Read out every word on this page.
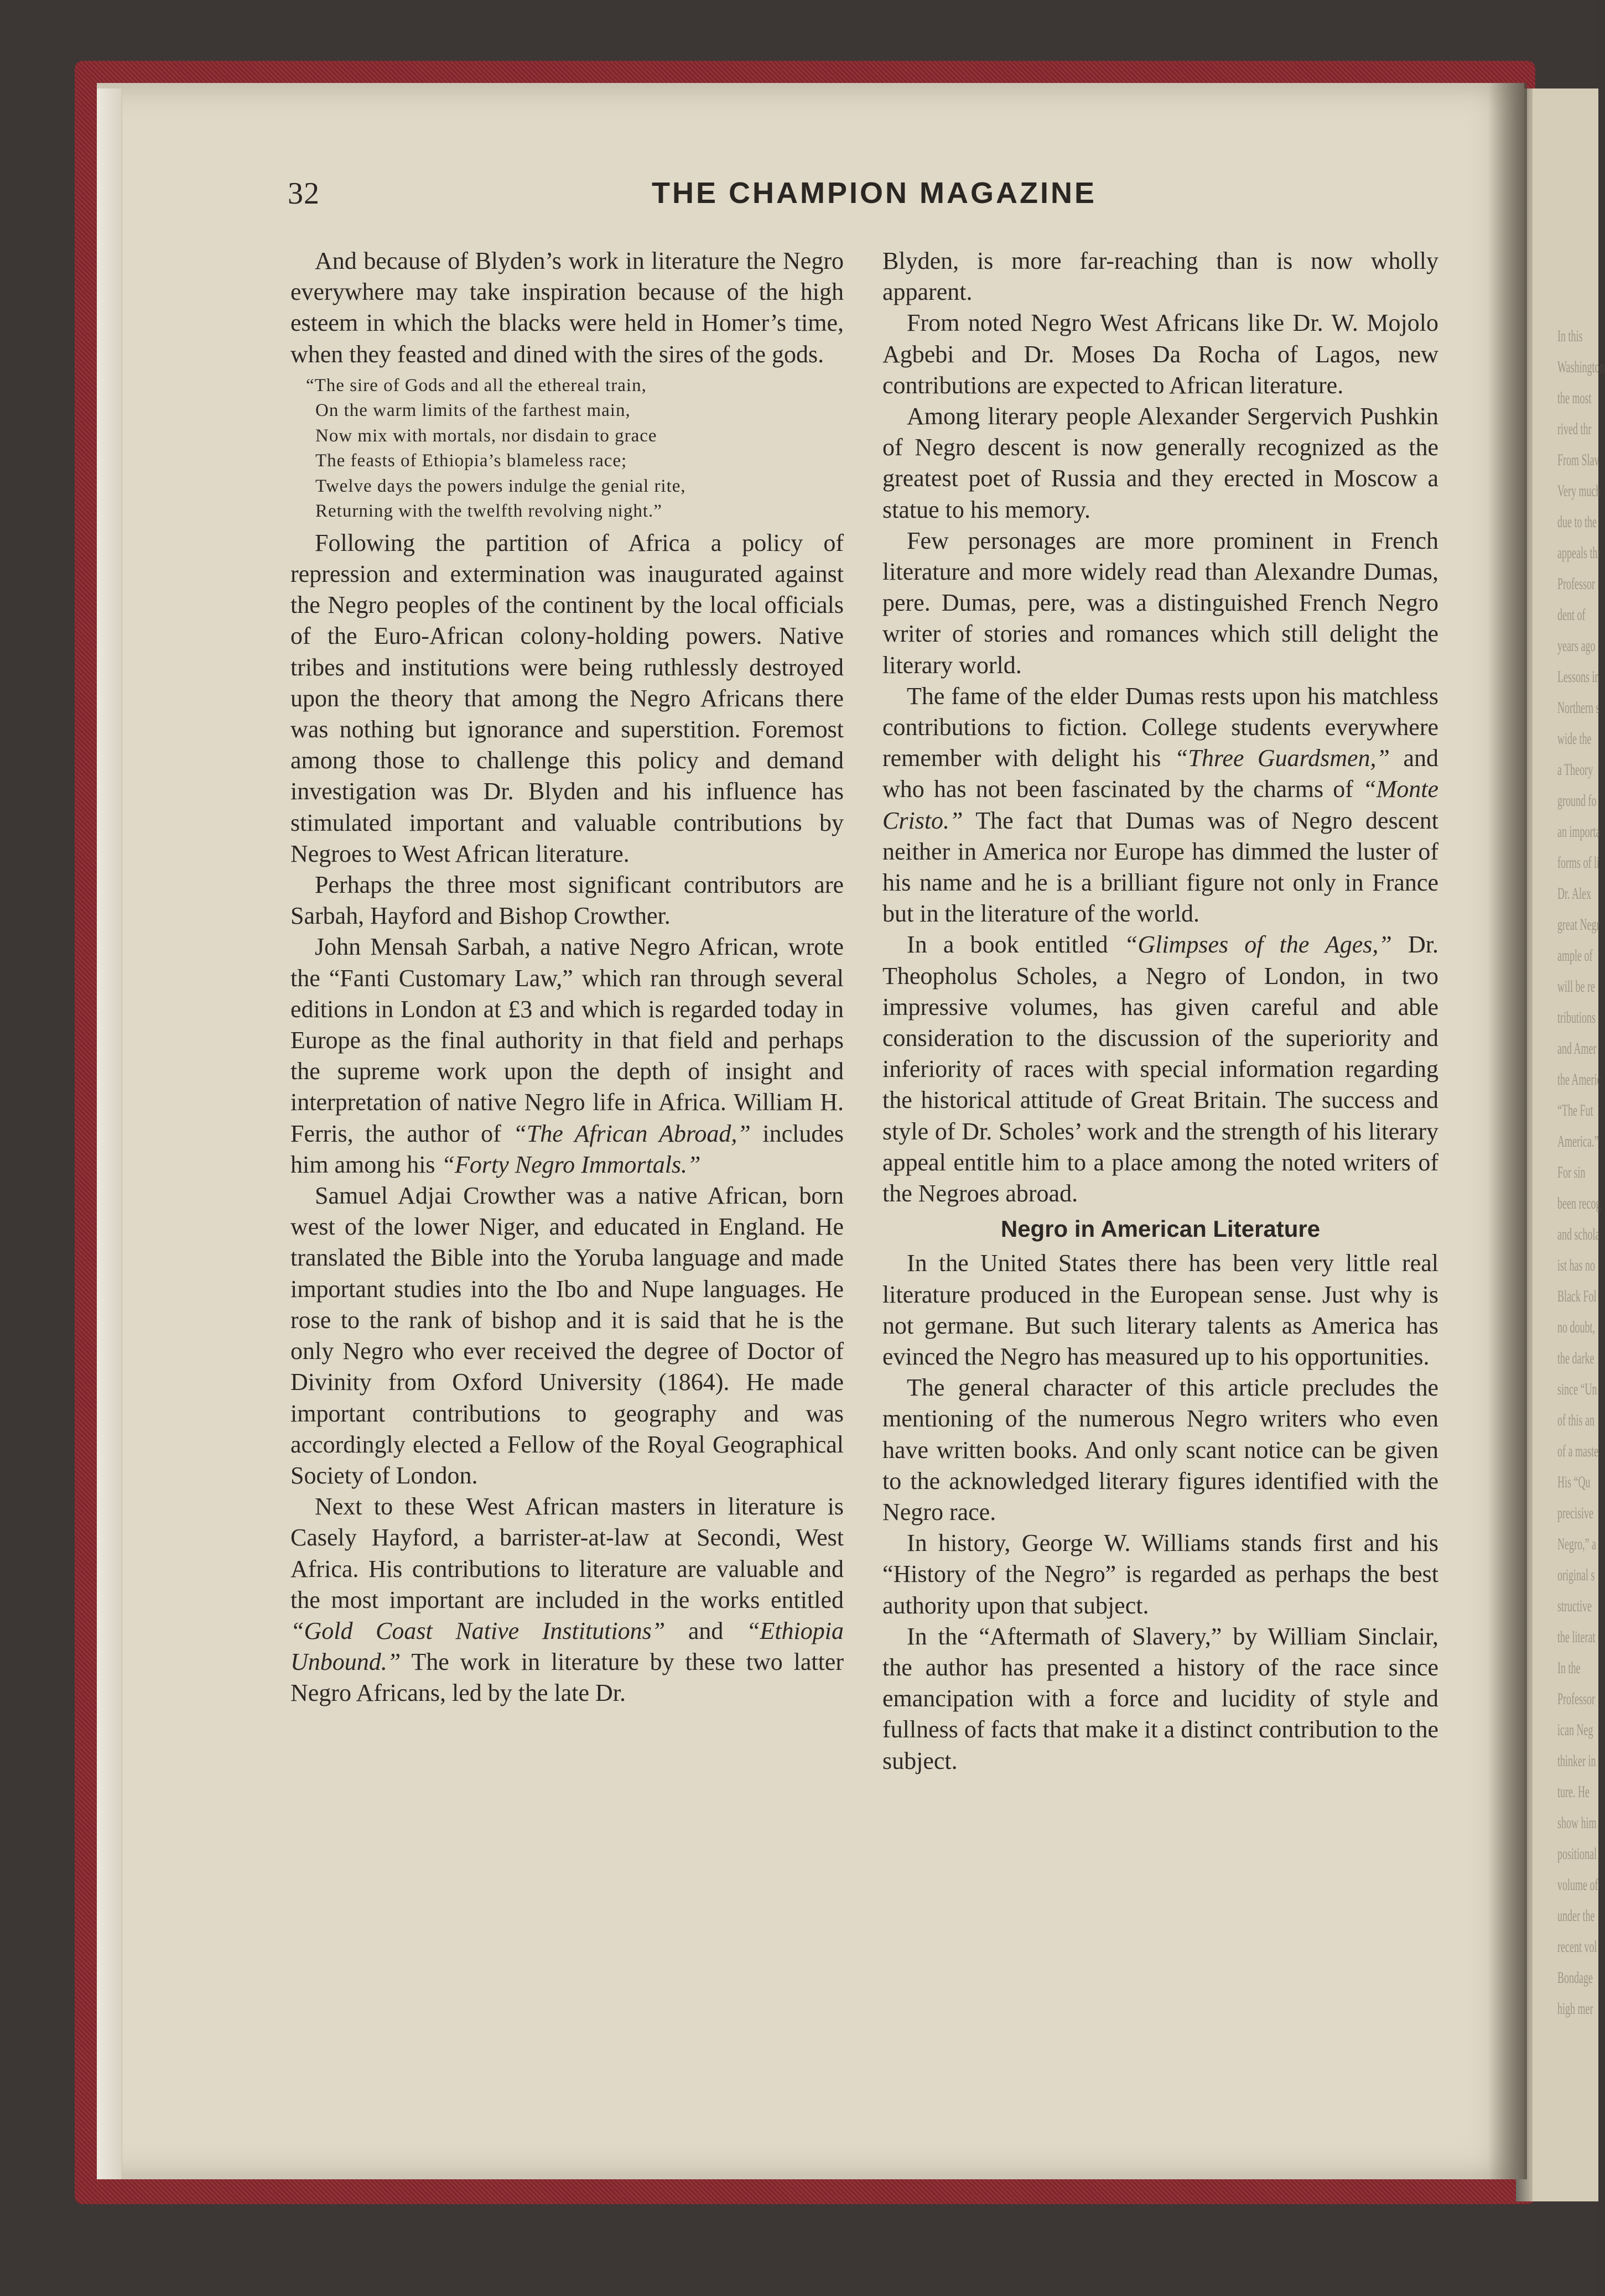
In this
Washington
the most
rived thr
From Slav
Very much
due to the
appeals thr
Professor
dent of
years ago
Lessons in
Northern s
wide the
a Theory
ground fo
an importa
forms of li
Dr. Alex
great Negr
ample of
will be re
tributions
and Amer
the Americ
“The Fut
America.”
For sin
been recog
and schola
ist has no
Black Fol
no doubt,
the darke
since “Un
of this an
of a maste
His “Qu
precisive
Negro,” a
original s
structive
the literat
In the
Professor
ican Neg
thinker in
ture. He
show him
positional
volume of
under the
recent vol
Bondage
high mer
32	THE CHAMPION MAGAZINE

And because of Blyden’s work in literature the Negro everywhere may take inspiration because of the high esteem in which the blacks were held in Homer’s time, when they feasted and dined with the sires of the gods.

“The sire of Gods and all the ethereal train,
On the warm limits of the farthest main,
Now mix with mortals, nor disdain to grace
The feasts of Ethiopia’s blameless race;
Twelve days the powers indulge the genial rite,
Returning with the twelfth revolving night.”

Following the partition of Africa a policy of repression and extermination was inaugurated against the Negro peoples of the continent by the local officials of the Euro-African colony-holding powers. Native tribes and institutions were being ruthlessly destroyed upon the theory that among the Negro Africans there was nothing but ignorance and superstition. Foremost among those to challenge this policy and demand investigation was Dr. Blyden and his influence has stimulated important and valuable contributions by Negroes to West African literature.

Perhaps the three most significant contributors are Sarbah, Hayford and Bishop Crowther.

John Mensah Sarbah, a native Negro African, wrote the “Fanti Customary Law,” which ran through several editions in London at £3 and which is regarded today in Europe as the final authority in that field and perhaps the supreme work upon the depth of insight and interpretation of native Negro life in Africa. William H. Ferris, the author of “The African Abroad,” includes him among his “Forty Negro Immortals.”

Samuel Adjai Crowther was a native African, born west of the lower Niger, and educated in England. He translated the Bible into the Yoruba language and made important studies into the Ibo and Nupe languages. He rose to the rank of bishop and it is said that he is the only Negro who ever received the degree of Doctor of Divinity from Oxford University (1864). He made important contributions to geography and was accordingly elected a Fellow of the Royal Geographical Society of London.

Next to these West African masters in literature is Casely Hayford, a barrister-at-law at Secondi, West Africa. His contributions to literature are valuable and the most important are included in the works entitled “Gold Coast Native Institutions” and “Ethiopia Unbound.” The work in literature by these two latter Negro Africans, led by the late Dr.

Blyden, is more far-reaching than is now wholly apparent.

From noted Negro West Africans like Dr. W. Mojolo Agbebi and Dr. Moses Da Rocha of Lagos, new contributions are expected to African literature.

Among literary people Alexander Sergervich Pushkin of Negro descent is now generally recognized as the greatest poet of Russia and they erected in Moscow a statue to his memory.

Few personages are more prominent in French literature and more widely read than Alexandre Dumas, pere. Dumas, pere, was a distinguished French Negro writer of stories and romances which still delight the literary world.

The fame of the elder Dumas rests upon his matchless contributions to fiction. College students everywhere remember with delight his “Three Guardsmen,” and who has not been fascinated by the charms of “Monte Cristo.” The fact that Dumas was of Negro descent neither in America nor Europe has dimmed the luster of his name and he is a brilliant figure not only in France but in the literature of the world.

In a book entitled “Glimpses of the Ages,” Dr. Theopholus Scholes, a Negro of London, in two impressive volumes, has given careful and able consideration to the discussion of the superiority and inferiority of races with special information regarding the historical attitude of Great Britain. The success and style of Dr. Scholes’ work and the strength of his literary appeal entitle him to a place among the noted writers of the Negroes abroad.

Negro in American Literature

In the United States there has been very little real literature produced in the European sense. Just why is not germane. But such literary talents as America has evinced the Negro has measured up to his opportunities.

The general character of this article precludes the mentioning of the numerous Negro writers who even have written books. And only scant notice can be given to the acknowledged literary figures identified with the Negro race.

In history, George W. Williams stands first and his “History of the Negro” is regarded as perhaps the best authority upon that subject.

In the “Aftermath of Slavery,” by William Sinclair, the author has presented a history of the race since emancipation with a force and lucidity of style and fullness of facts that make it a distinct contribution to the subject.
